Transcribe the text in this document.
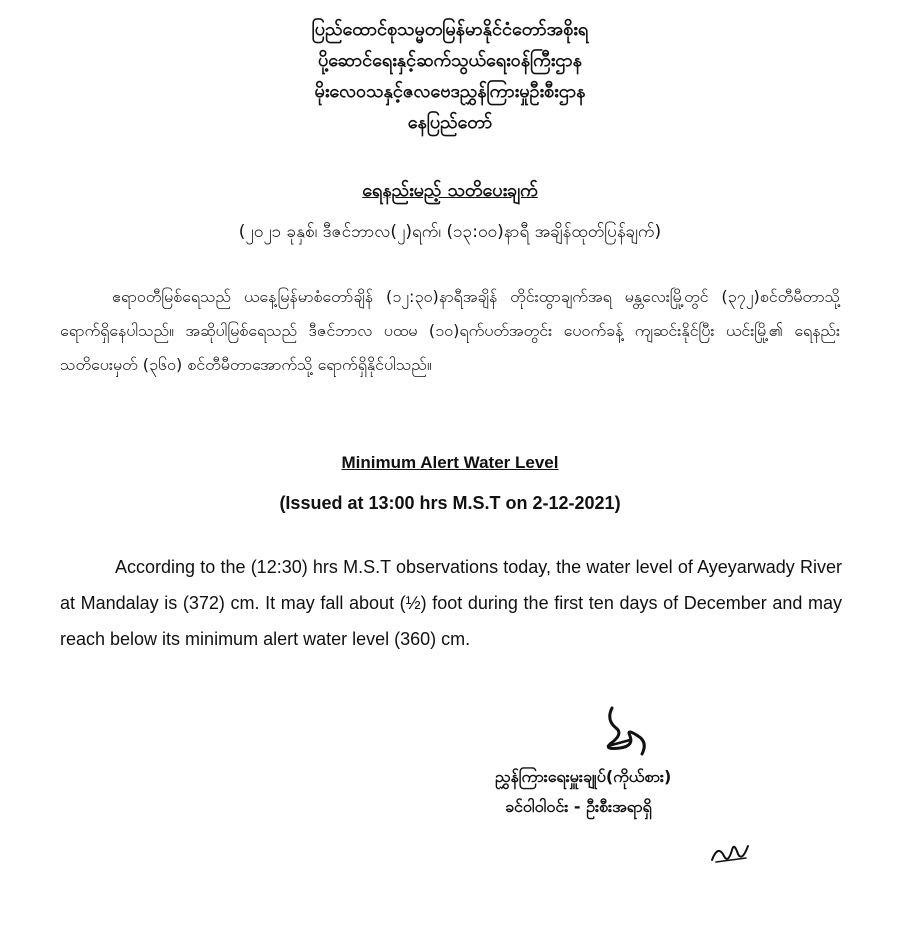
ပြည်ထောင်စုသမ္မတမြန်မာနိုင်ငံတော်အစိုးရ
ပို့ဆောင်ရေးနှင့်ဆက်သွယ်ရေးဝန်ကြီးဌာန
မိုးလေဝသနှင့်ဇလဗေဒညွှန်ကြားမှုဦးစီးဌာန
နေပြည်တော်
ရေနည်းမည့် သတိပေးချက်
(၂၀၂၁ ခုနှစ်၊ ဒီဇင်ဘာလ(၂)ရက်၊ (၁၃:၀၀)နာရီ အချိန်ထုတ်ပြန်ချက်)
ဧရာဝတီမြစ်ရေသည် ယနေ့မြန်မာစံတော်ချိန် (၁၂:၃၀)နာရီအချိန် တိုင်းထွာချက်အရ မန္တလေးမြို့တွင် (၃၇၂)စင်တီမီတာသို့ ရောက်ရှိနေပါသည်။ အဆိုပါမြစ်ရေသည် ဒီဇင်ဘာလ ပထမ (၁၀)ရက်ပတ်အတွင်း ပေဝက်ခန့် ကျဆင်းနိုင်ပြီး ယင်းမြို့၏ ရေနည်းသတိပေးမှတ် (၃၆၀) စင်တီမီတာအောက်သို့ ရောက်ရှိနိုင်ပါသည်။
Minimum Alert Water Level
(Issued at 13:00 hrs M.S.T on 2-12-2021)
According to the (12:30) hrs M.S.T observations today, the water level of Ayeyarwady River at Mandalay is (372) cm. It may fall about (½) foot during the first ten days of December and may reach below its minimum alert water level (360) cm.
ညွှန်ကြားရေးမှူးချုပ်(ကိုယ်စား)
ခင်ဝါဝါဝင်း - ဦးစီးအရာရှိ
